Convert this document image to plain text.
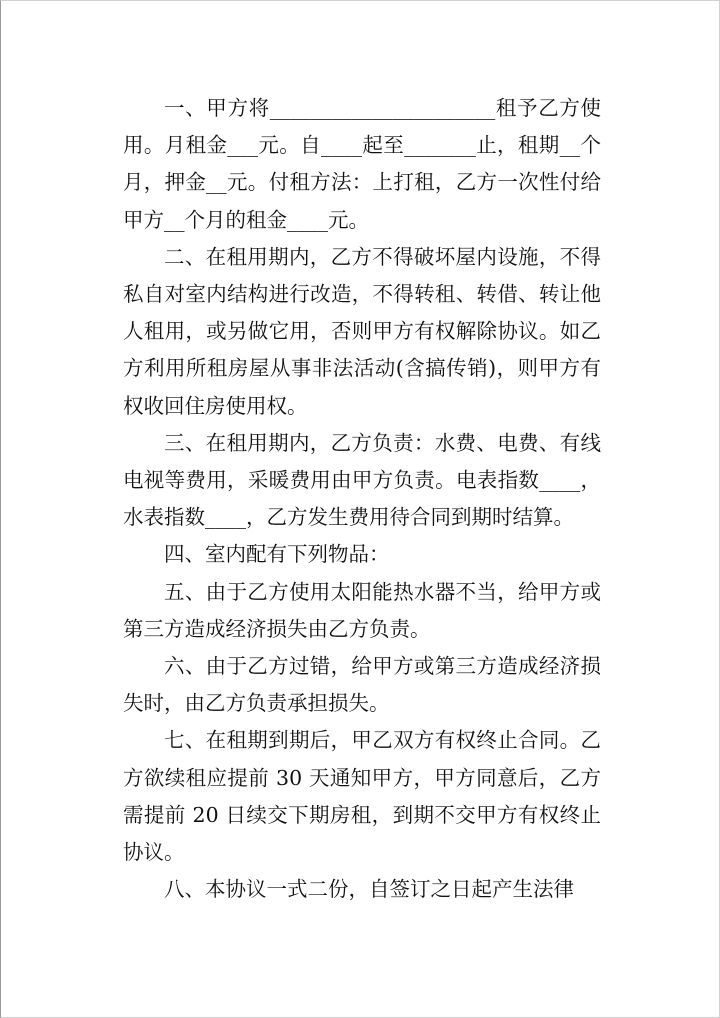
一、甲方将______________________租予乙方使用。月租金___元。自____起至_______止，租期__个月，押金__元。付租方法：上打租，乙方一次性付给甲方__个月的租金____元。

二、在租用期内，乙方不得破坏屋内设施，不得私自对室内结构进行改造，不得转租、转借、转让他人租用，或另做它用，否则甲方有权解除协议。如乙方利用所租房屋从事非法活动(含搞传销)，则甲方有权收回住房使用权。

三、在租用期内，乙方负责：水费、电费、有线电视等费用，采暖费用由甲方负责。电表指数____，水表指数____，乙方发生费用待合同到期时结算。

四、室内配有下列物品：

五、由于乙方使用太阳能热水器不当，给甲方或第三方造成经济损失由乙方负责。

六、由于乙方过错，给甲方或第三方造成经济损失时，由乙方负责承担损失。

七、在租期到期后，甲乙双方有权终止合同。乙方欲续租应提前 30 天通知甲方，甲方同意后，乙方需提前 20 日续交下期房租，到期不交甲方有权终止协议。

八、本协议一式二份，自签订之日起产生法律
